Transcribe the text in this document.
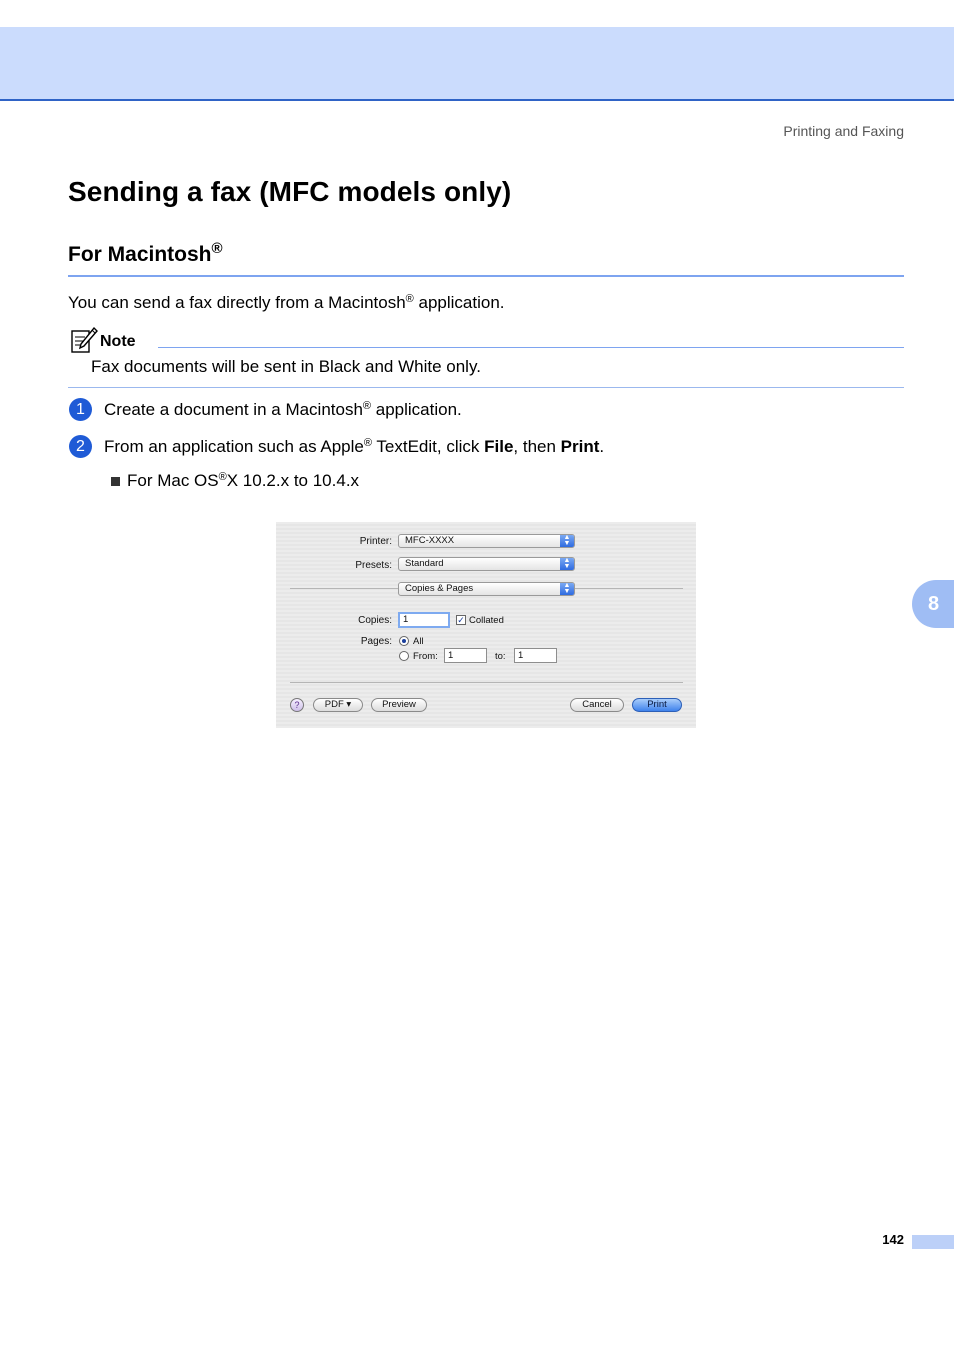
Printing and Faxing
Sending a fax (MFC models only)
For Macintosh®
You can send a fax directly from a Macintosh® application.
Note
Fax documents will be sent in Black and White only.
1	Create a document in a Macintosh® application.
2	From an application such as Apple® TextEdit, click File, then Print.
For Mac OS®X 10.2.x to 10.4.x
Printer:	MFC-XXXX	▲
▼
Presets:	Standard	▲
▼
Copies & Pages	▲
▼
Copies:	1	✓ Collated
Pages: All
From:	1	to:	1
?	PDF ▾	Preview	Cancel	Print
8
142
